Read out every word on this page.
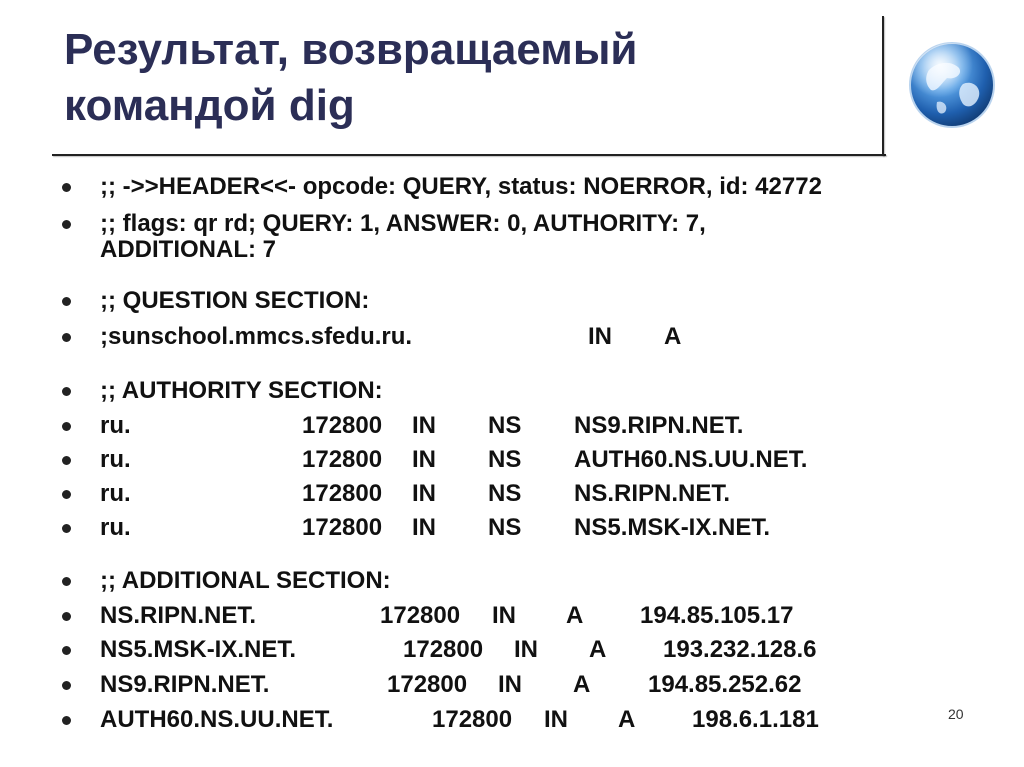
Результат, возвращаемый
командой dig
;; ->>HEADER<<- opcode: QUERY, status: NOERROR, id: 42772
;; flags: qr rd; QUERY: 1, ANSWER: 0, AUTHORITY: 7,
ADDITIONAL: 7
;; QUESTION SECTION:
;sunschool.mmcs.sfedu.ru.	IN A
;; AUTHORITY SECTION:
ru.	172800 IN NS NS9.RIPN.NET.
ru.	172800 IN NS AUTH60.NS.UU.NET.
ru.	172800 IN NS NS.RIPN.NET.
ru.	172800 IN NS NS5.MSK-IX.NET.
;; ADDITIONAL SECTION:
NS.RIPN.NET.	172800 IN A 194.85.105.17
NS5.MSK-IX.NET.	172800 IN A 193.232.128.6
NS9.RIPN.NET.	172800 IN A 194.85.252.62
AUTH60.NS.UU.NET.	172800 IN A 198.6.1.181	20
